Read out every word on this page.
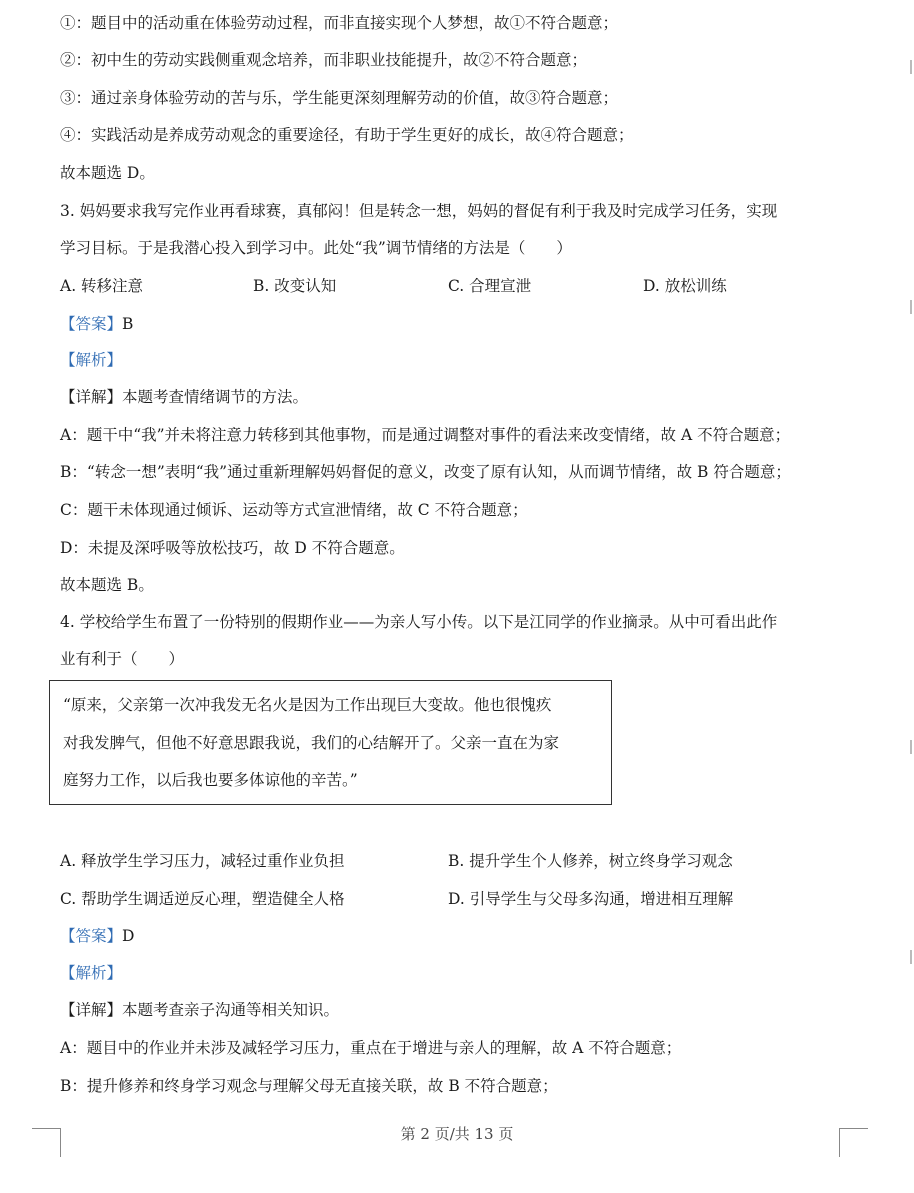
①：题目中的活动重在体验劳动过程，而非直接实现个人梦想，故①不符合题意；
②：初中生的劳动实践侧重观念培养，而非职业技能提升，故②不符合题意；
③：通过亲身体验劳动的苦与乐，学生能更深刻理解劳动的价值，故③符合题意；
④：实践活动是养成劳动观念的重要途径，有助于学生更好的成长，故④符合题意；
故本题选 D。
3. 妈妈要求我写完作业再看球赛，真郁闷！但是转念一想，妈妈的督促有利于我及时完成学习任务，实现
学习目标。于是我潜心投入到学习中。此处“我”调节情绪的方法是（　　）
A. 转移注意	B. 改变认知	C. 合理宣泄	D. 放松训练
【答案】B
【解析】
【详解】本题考查情绪调节的方法。
A：题干中“我”并未将注意力转移到其他事物，而是通过调整对事件的看法来改变情绪，故 A 不符合题意；
B：“转念一想”表明“我”通过重新理解妈妈督促的意义，改变了原有认知，从而调节情绪，故 B 符合题意；
C：题干未体现通过倾诉、运动等方式宣泄情绪，故 C 不符合题意；
D：未提及深呼吸等放松技巧，故 D 不符合题意。
故本题选 B。
4. 学校给学生布置了一份特别的假期作业——为亲人写小传。以下是江同学的作业摘录。从中可看出此作
业有利于（　　）
“原来，父亲第一次冲我发无名火是因为工作出现巨大变故。他也很愧疚
对我发脾气，但他不好意思跟我说，我们的心结解开了。父亲一直在为家
庭努力工作，以后我也要多体谅他的辛苦。”
A. 释放学生学习压力，减轻过重作业负担	B. 提升学生个人修养，树立终身学习观念
C. 帮助学生调适逆反心理，塑造健全人格	D. 引导学生与父母多沟通，增进相互理解
【答案】D
【解析】
【详解】本题考查亲子沟通等相关知识。
A：题目中的作业并未涉及减轻学习压力，重点在于增进与亲人的理解，故 A 不符合题意；
B：提升修养和终身学习观念与理解父母无直接关联，故 B 不符合题意；
第 2 页/共 13 页
